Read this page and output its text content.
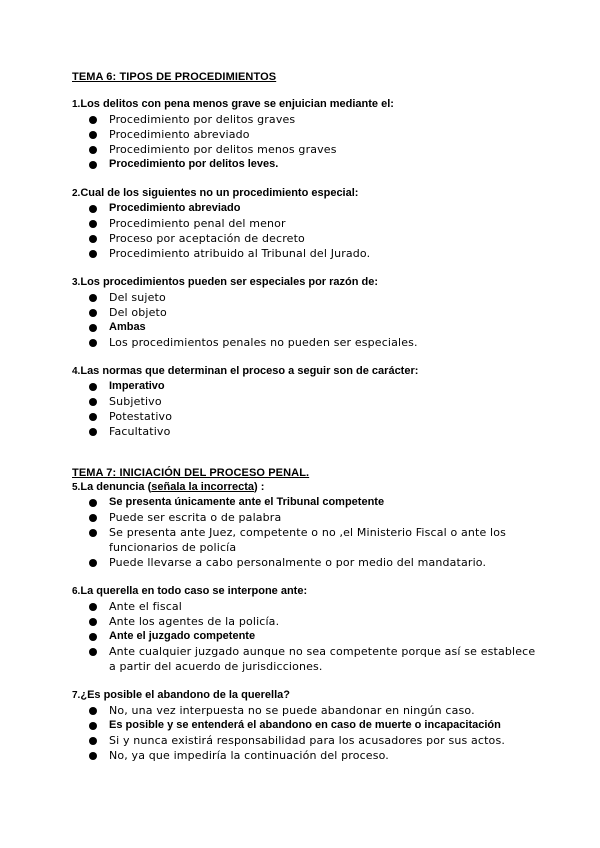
TEMA 6: TIPOS DE PROCEDIMIENTOS

1.Los delitos con pena menos grave se enjuician mediante el:

Procedimiento por delitos graves
Procedimiento abreviado
Procedimiento por delitos menos graves
Procedimiento por delitos leves.

2.Cual de los siguientes no un procedimiento especial:

Procedimiento abreviado
Procedimiento penal del menor
Proceso por aceptación de decreto
Procedimiento atribuido al Tribunal del Jurado.

3.Los procedimientos pueden ser especiales por razón de:

Del sujeto
Del objeto
Ambas
Los procedimientos penales no pueden ser especiales.

4.Las normas que determinan el proceso a seguir son de carácter:

Imperativo
Subjetivo
Potestativo
Facultativo

TEMA 7: INICIACIÓN DEL PROCESO PENAL.

5.La denuncia (señala la incorrecta) :

Se presenta únicamente ante el Tribunal competente
Puede ser escrita o de palabra
Se presenta ante Juez, competente o no ,el Ministerio Fiscal o ante los funcionarios de policía
Puede llevarse a cabo personalmente o por medio del mandatario.

6.La querella en todo caso se interpone ante:

Ante el fiscal
Ante los agentes de la policía.
Ante el juzgado competente
Ante cualquier juzgado aunque no sea competente porque así se establece a partir del acuerdo de jurisdicciones.

7.¿Es posible el abandono de la querella?

No, una vez interpuesta no se puede abandonar en ningún caso.
Es posible y se entenderá el abandono en caso de muerte o incapacitación
Si y nunca existirá responsabilidad para los acusadores por sus actos.
No, ya que impediría la continuación del proceso.
